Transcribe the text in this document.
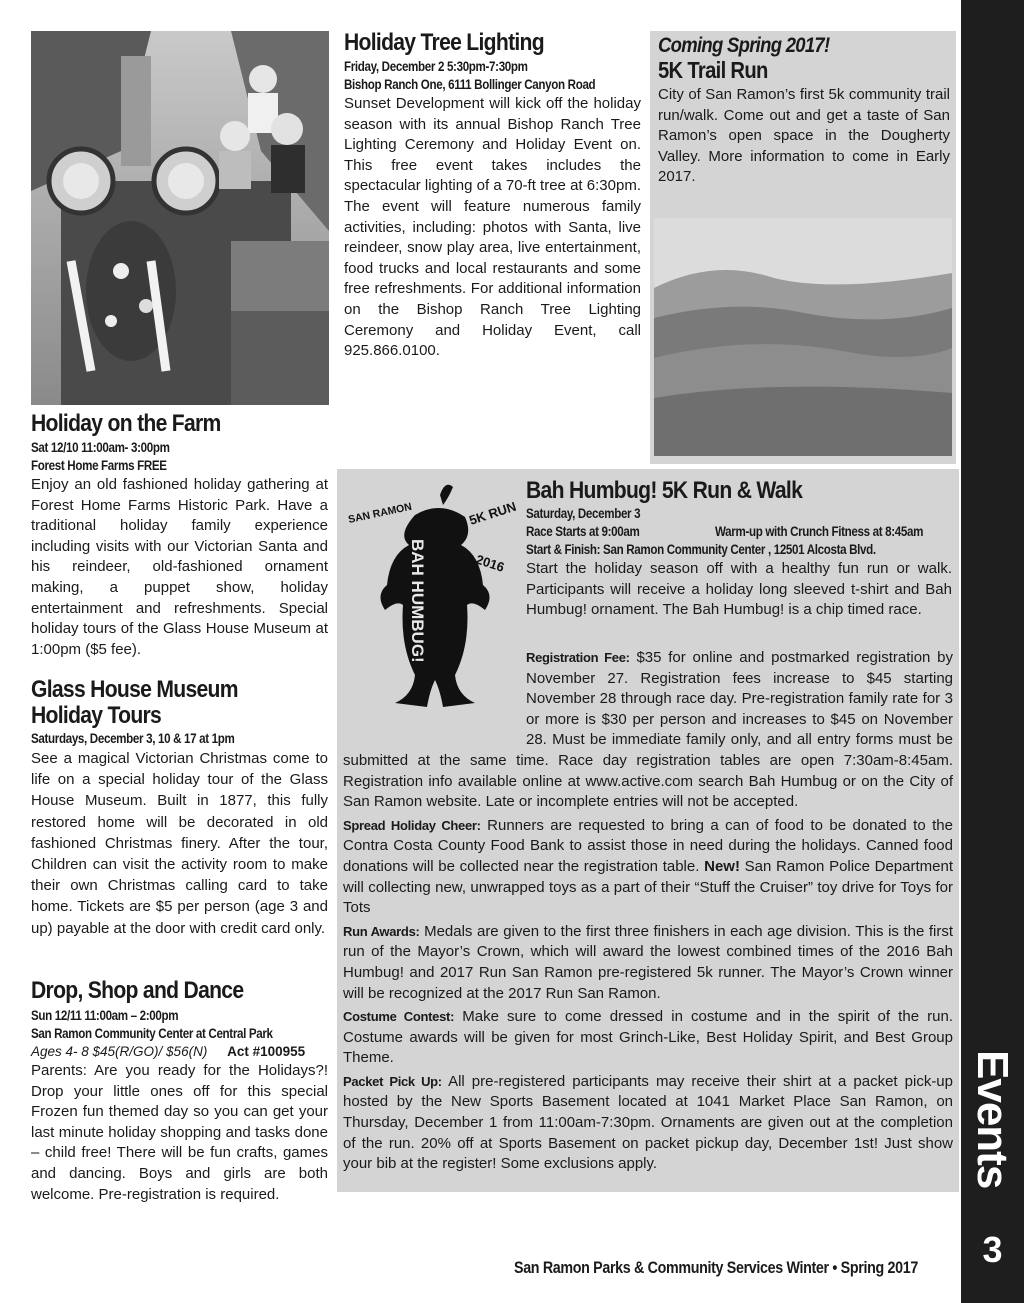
Holiday Tree Lighting
Friday, December 2 5:30pm-7:30pm
Bishop Ranch One, 6111 Bollinger Canyon Road

Sunset Development will kick off the holiday season with its annual Bishop Ranch Tree Lighting Ceremony and Holiday Event on. This free event takes includes the spectacular lighting of a 70-ft tree at 6:30pm. The event will feature numerous family activities, including: photos with Santa, live reindeer, snow play area, live entertainment, food trucks and local restaurants and some free refreshments. For additional information on the Bishop Ranch Tree Lighting Ceremony and Holiday Event, call 925.866.0100.

Coming Spring 2017!
5K Trail Run

City of San Ramon’s first 5k community trail run/walk. Come out and get a taste of San Ramon’s open space in the Dougherty Valley. More information to come in Early 2017.

Holiday on the Farm
Sat 12/10 11:00am- 3:00pm
Forest Home Farms FREE

Enjoy an old fashioned holiday gathering at Forest Home Farms Historic Park. Have a traditional holiday family experience including visits with our Victorian Santa and his reindeer, old-fashioned ornament making, a puppet show, holiday entertainment and refreshments. Special holiday tours of the Glass House Museum at 1:00pm ($5 fee).

Glass House Museum
Holiday Tours
Saturdays, December 3, 10 & 17 at 1pm

See a magical Victorian Christmas come to life on a special holiday tour of the Glass House Museum. Built in 1877, this fully restored home will be decorated in old fashioned Christmas finery. After the tour, Children can visit the activity room to make their own Christmas calling card to take home. Tickets are $5 per person (age 3 and up) payable at the door with credit card only.

Drop, Shop and Dance
Sun 12/11 11:00am – 2:00pm
San Ramon Community Center at Central Park
Ages 4- 8 $45(R/GO)/ $56(N) Act #100955

Parents: Are you ready for the Holidays?! Drop your little ones off for this special Frozen fun themed day so you can get your last minute holiday shopping and tasks done – child free! There will be fun crafts, games and dancing. Boys and girls are both welcome. Pre-registration is required.

BAH HUMBUG!
SAN RAMON	5K RUN
2016
Bah Humbug! 5K Run & Walk
Saturday, December 3
Race Starts at 9:00am	Warm-up with Crunch Fitness at 8:45am
Start & Finish: San Ramon Community Center , 12501 Alcosta Blvd.

Start the holiday season off with a healthy fun run or walk. Participants will receive a holiday long sleeved t-shirt and Bah Humbug! ornament. The Bah Humbug! is a chip timed race.

Registration Fee: $35 for online and postmarked registration by November 27. Registration fees increase to $45 starting November 28 through race day. Pre-registration family rate for 3 or more is $30 per person and increases to $45 on November 28. Must be immediate family only, and all entry forms must be submitted at the same time. Race day registration tables are open 7:30am-8:45am. Registration info available online at www.active.com search Bah Humbug or on the City of San Ramon website. Late or incomplete entries will not be accepted.

Spread Holiday Cheer: Runners are requested to bring a can of food to be donated to the Contra Costa County Food Bank to assist those in need during the holidays. Canned food donations will be collected near the registration table. New! San Ramon Police Department will collecting new, unwrapped toys as a part of their “Stuff the Cruiser” toy drive for Toys for Tots

Run Awards: Medals are given to the first three finishers in each age division. This is the first run of the Mayor’s Crown, which will award the lowest combined times of the 2016 Bah Humbug! and 2017 Run San Ramon pre-registered 5k runner. The Mayor’s Crown winner will be recognized at the 2017 Run San Ramon.

Costume Contest: Make sure to come dressed in costume and in the spirit of the run. Costume awards will be given for most Grinch-Like, Best Holiday Spirit, and Best Group Theme.

Packet Pick Up: All pre-registered participants may receive their shirt at a packet pick-up hosted by the New Sports Basement located at 1041 Market Place San Ramon, on Thursday, December 1 from 11:00am-7:30pm. Ornaments are given out at the completion of the run. 20% off at Sports Basement on packet pickup day, December 1st! Just show your bib at the register! Some exclusions apply.

San Ramon Parks & Community Services Winter • Spring 2017
Events
3
